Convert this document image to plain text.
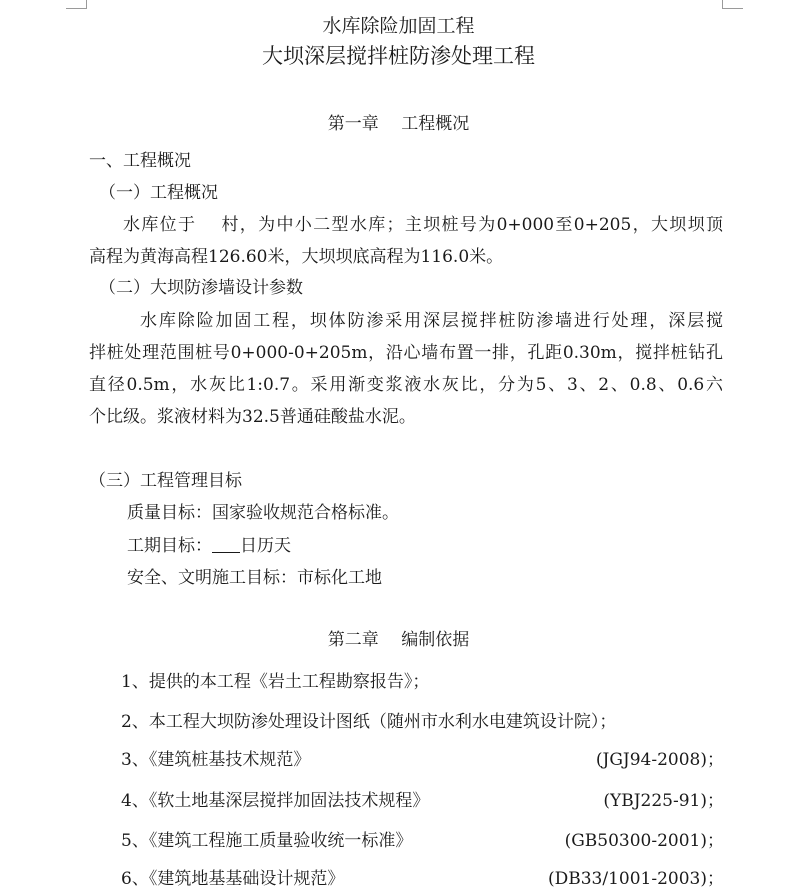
水库除险加固工程
大坝深层搅拌桩防渗处理工程
第一章　 工程概况
一、工程概况
（一）工程概况
水库位于　 村，为中小二型水库；主坝桩号为0+000至0+205，大坝坝顶
高程为黄海高程126.60米，大坝坝底高程为116.0米。
（二）大坝防渗墙设计参数
水库除险加固工程，坝体防渗采用深层搅拌桩防渗墙进行处理，深层搅
拌桩处理范围桩号0+000-0+205m，沿心墙布置一排，孔距0.30m，搅拌桩钻孔
直径0.5m，水灰比1:0.7。采用渐变浆液水灰比，分为5、3、2、0.8、0.6六
个比级。浆液材料为32.5普通硅酸盐水泥。
（三）工程管理目标
质量目标：国家验收规范合格标准。
工期目标： 日历天
安全、文明施工目标：市标化工地
第二章　 编制依据
1、提供的本工程《岩土工程勘察报告》；
2、本工程大坝防渗处理设计图纸（随州市水利水电建筑设计院）；
3、《建筑桩基技术规范》	(JGJ94-2008)；
4、《软土地基深层搅拌加固法技术规程》	(YBJ225-91)；
5、《建筑工程施工质量验收统一标准》	(GB50300-2001)；
6、《建筑地基基础设计规范》	(DB33/1001-2003)；
